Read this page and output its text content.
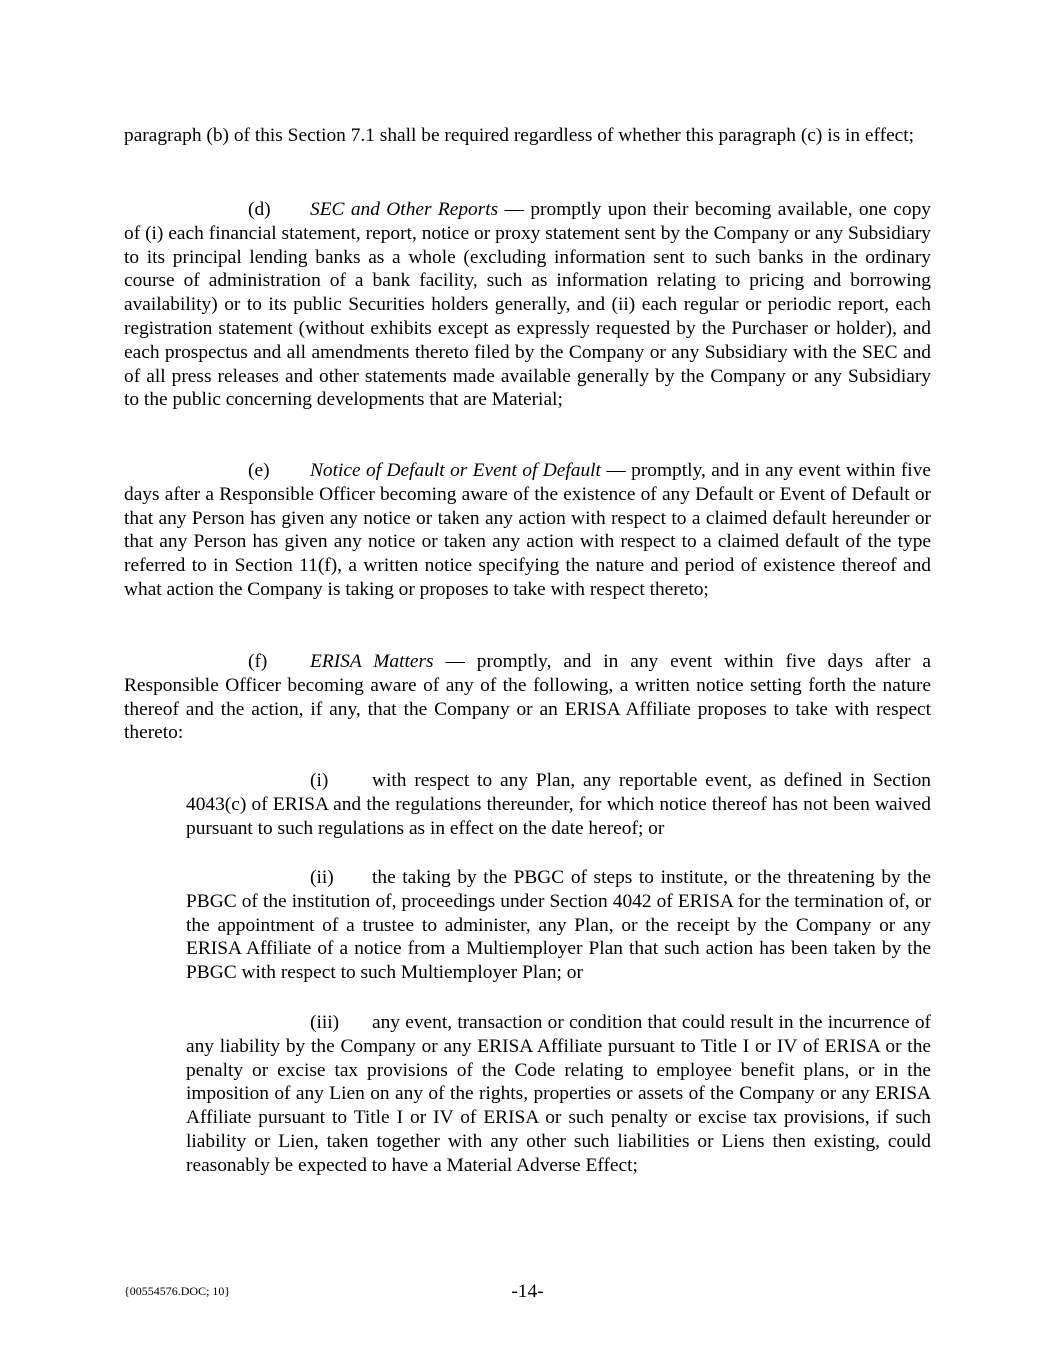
paragraph (b) of this Section 7.1 shall be required regardless of whether this paragraph (c) is in effect;

(d) SEC and Other Reports — promptly upon their becoming available, one copy of (i) each financial statement, report, notice or proxy statement sent by the Company or any Subsidiary to its principal lending banks as a whole (excluding information sent to such banks in the ordinary course of administration of a bank facility, such as information relating to pricing and borrowing availability) or to its public Securities holders generally, and (ii) each regular or periodic report, each registration statement (without exhibits except as expressly requested by the Purchaser or holder), and each prospectus and all amendments thereto filed by the Company or any Subsidiary with the SEC and of all press releases and other statements made available generally by the Company or any Subsidiary to the public concerning developments that are Material;

(e) Notice of Default or Event of Default — promptly, and in any event within five days after a Responsible Officer becoming aware of the existence of any Default or Event of Default or that any Person has given any notice or taken any action with respect to a claimed default hereunder or that any Person has given any notice or taken any action with respect to a claimed default of the type referred to in Section 11(f), a written notice specifying the nature and period of existence thereof and what action the Company is taking or proposes to take with respect thereto;

(f) ERISA Matters — promptly, and in any event within five days after a Responsible Officer becoming aware of any of the following, a written notice setting forth the nature thereof and the action, if any, that the Company or an ERISA Affiliate proposes to take with respect thereto:

(i) with respect to any Plan, any reportable event, as defined in Section 4043(c) of ERISA and the regulations thereunder, for which notice thereof has not been waived pursuant to such regulations as in effect on the date hereof; or

(ii) the taking by the PBGC of steps to institute, or the threatening by the PBGC of the institution of, proceedings under Section 4042 of ERISA for the termination of, or the appointment of a trustee to administer, any Plan, or the receipt by the Company or any ERISA Affiliate of a notice from a Multiemployer Plan that such action has been taken by the PBGC with respect to such Multiemployer Plan; or

(iii) any event, transaction or condition that could result in the incurrence of any liability by the Company or any ERISA Affiliate pursuant to Title I or IV of ERISA or the penalty or excise tax provisions of the Code relating to employee benefit plans, or in the imposition of any Lien on any of the rights, properties or assets of the Company or any ERISA Affiliate pursuant to Title I or IV of ERISA or such penalty or excise tax provisions, if such liability or Lien, taken together with any other such liabilities or Liens then existing, could reasonably be expected to have a Material Adverse Effect;

{00554576.DOC; 10}	-14-
